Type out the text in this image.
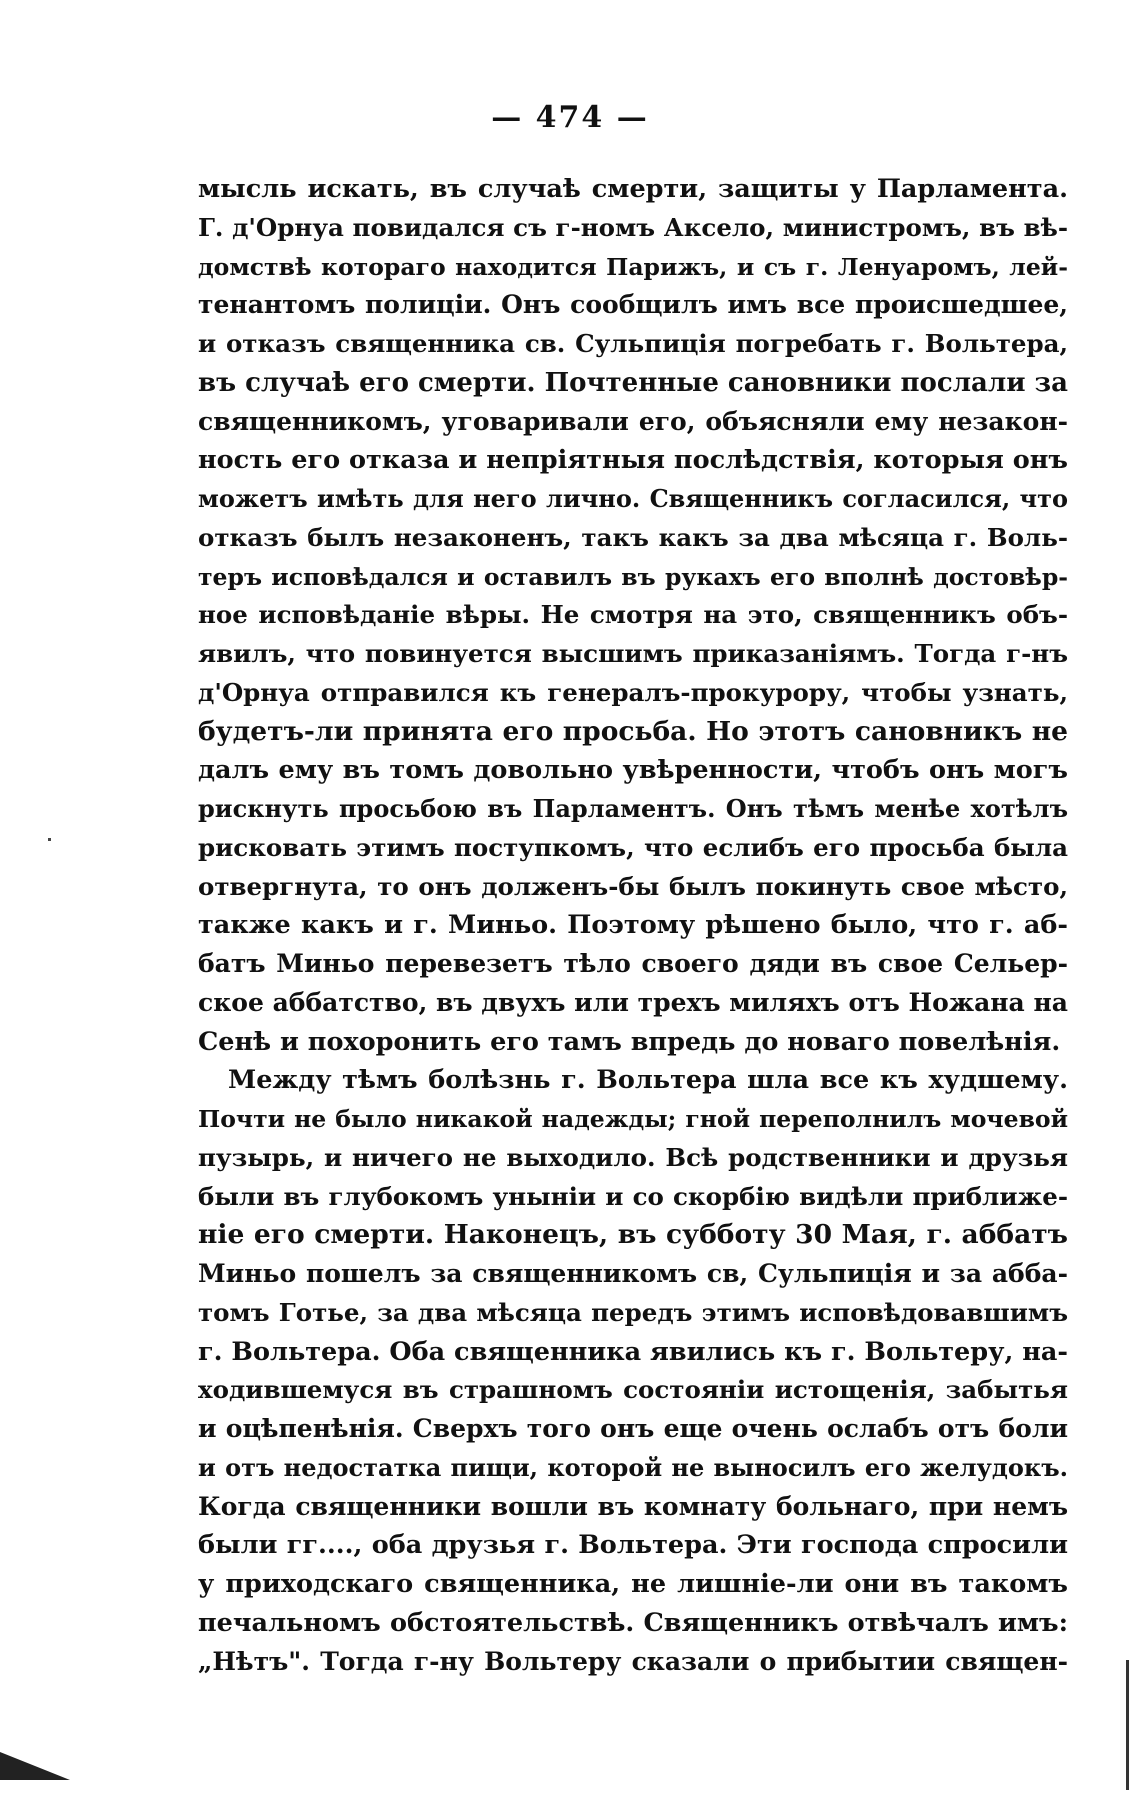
— 474 —
мысль искать, въ случаѣ смерти, защиты у Парламента.
Г. д'Орнуа повидался съ г-номъ Аксело, министромъ, въ вѣ-
домствѣ котораго находится Парижъ, и съ г. Ленуаромъ, лей-
тенантомъ полиціи. Онъ сообщилъ имъ все происшедшее,
и отказъ священника св. Сульпиція погребать г. Вольтера,
въ случаѣ его смерти. Почтенные сановники послали за
священникомъ, уговаривали его, объясняли ему незакон-
ность его отказа и непріятныя послѣдствія, которыя онъ
можетъ имѣть для него лично. Священникъ согласился, что
отказъ былъ незаконенъ, такъ какъ за два мѣсяца г. Воль-
теръ исповѣдался и оставилъ въ рукахъ его вполнѣ достовѣр-
ное исповѣданіе вѣры. Не смотря на это, священникъ объ-
явилъ, что повинуется высшимъ приказаніямъ. Тогда г-нъ
д'Орнуа отправился къ генералъ-прокурору, чтобы узнать,
будетъ-ли принята его просьба. Но этотъ сановникъ не
далъ ему въ томъ довольно увѣренности, чтобъ онъ могъ
рискнуть просьбою въ Парламентъ. Онъ тѣмъ менѣе хотѣлъ
рисковать этимъ поступкомъ, что еслибъ его просьба была
отвергнута, то онъ долженъ-бы былъ покинуть свое мѣсто,
также какъ и г. Миньо. Поэтому рѣшено было, что г. аб-
батъ Миньо перевезетъ тѣло своего дяди въ свое Сельер-
ское аббатство, въ двухъ или трехъ миляхъ отъ Ножана на
Сенѣ и похоронить его тамъ впредь до новаго повелѣнія.
Между тѣмъ болѣзнь г. Вольтера шла все къ худшему.
Почти не было никакой надежды; гной переполнилъ мочевой
пузырь, и ничего не выходило. Всѣ родственники и друзья
были въ глубокомъ уныніи и со скорбію видѣли приближе-
ніе его смерти. Наконецъ, въ субботу 30 Мая, г. аббатъ
Миньо пошелъ за священникомъ св, Сульпиція и за абба-
томъ Готье, за два мѣсяца передъ этимъ исповѣдовавшимъ
г. Вольтера. Оба священника явились къ г. Вольтеру, на-
ходившемуся въ страшномъ состояніи истощенія, забытья
и оцѣпенѣнія. Сверхъ того онъ еще очень ослабъ отъ боли
и отъ недостатка пищи, которой не выносилъ его желудокъ.
Когда священники вошли въ комнату больнаго, при немъ
были гг...., оба друзья г. Вольтера. Эти господа спросили
у приходскаго священника, не лишніе-ли они въ такомъ
печальномъ обстоятельствѣ. Священникъ отвѣчалъ имъ:
„Нѣтъ". Тогда г-ну Вольтеру сказали о прибытии священ-
